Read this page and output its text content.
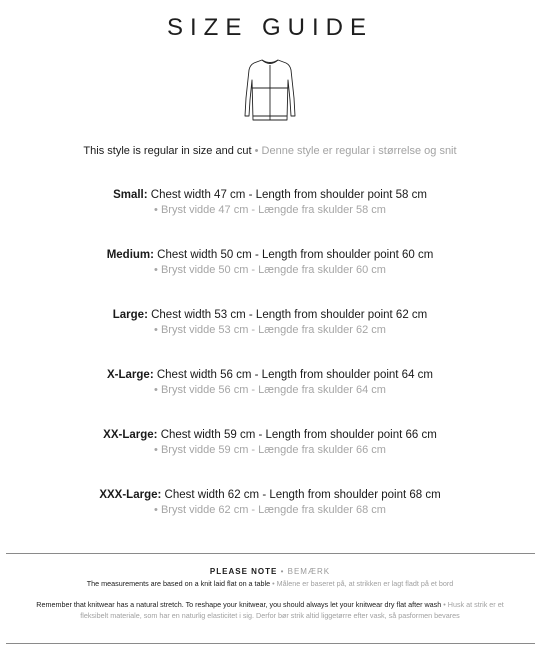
SIZE GUIDE
This style is regular in size and cut • Denne style er regular i størrelse og snit
Small: Chest width 47 cm - Length from shoulder point 58 cm
• Bryst vidde 47 cm - Længde fra skulder 58 cm
Medium: Chest width 50 cm - Length from shoulder point 60 cm
• Bryst vidde 50 cm - Længde fra skulder 60 cm
Large: Chest width 53 cm - Length from shoulder point 62 cm
• Bryst vidde 53 cm - Længde fra skulder 62 cm
X-Large: Chest width 56 cm - Length from shoulder point 64 cm
• Bryst vidde 56 cm - Længde fra skulder 64 cm
XX-Large: Chest width 59 cm - Length from shoulder point 66 cm
• Bryst vidde 59 cm - Længde fra skulder 66 cm
XXX-Large: Chest width 62 cm - Length from shoulder point 68 cm
• Bryst vidde 62 cm - Længde fra skulder 68 cm
PLEASE NOTE • BEMÆRK
The measurements are based on a knit laid flat on a table • Målene er baseret på, at strikken er lagt fladt på et bord
Remember that knitwear has a natural stretch. To reshape your knitwear, you should always let your knitwear dry flat after wash • Husk at strik er et fleksibelt materiale, som har en naturlig elasticitet i sig. Derfor bør strik altid liggetørre efter vask, så pasformen bevares
